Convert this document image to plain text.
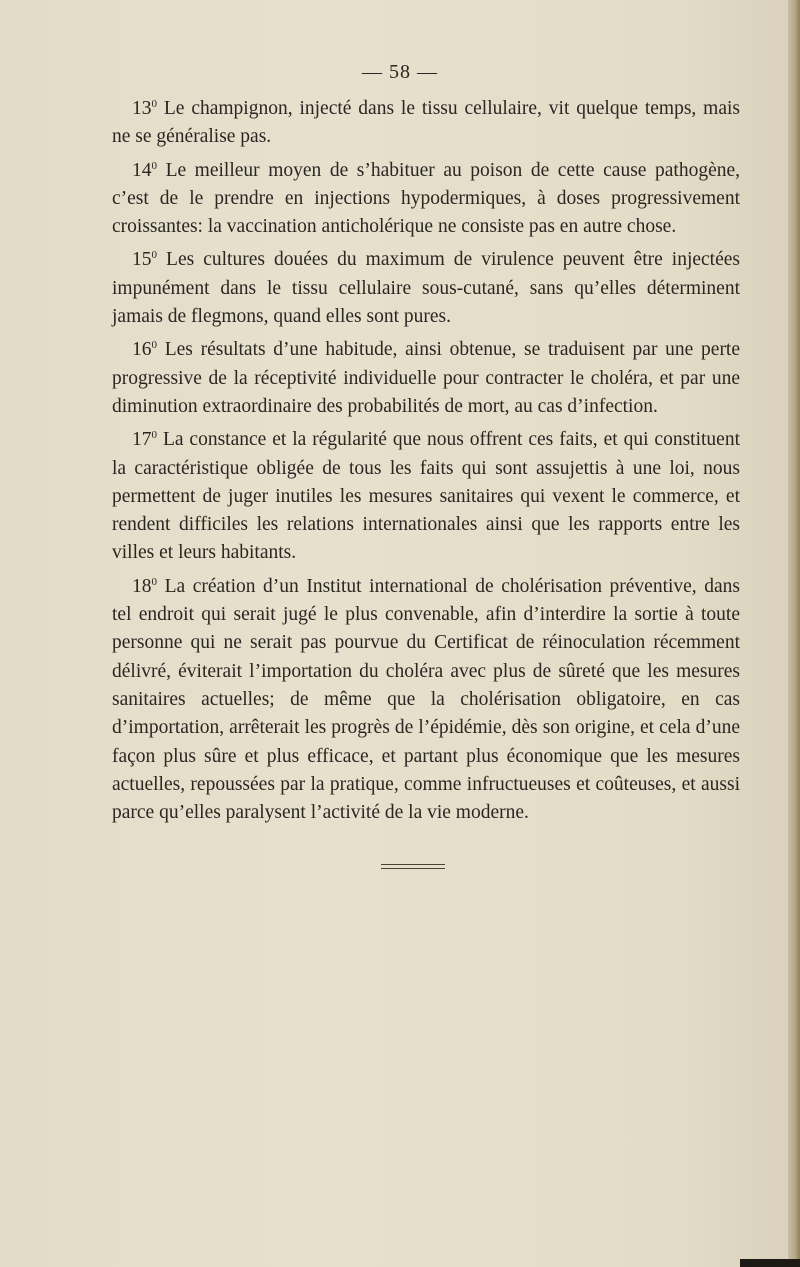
— 58 —

$13^0$ Le champignon, injecté dans le tissu cellulaire, vit quelque temps, mais ne se généralise pas.

$14^0$ Le meilleur moyen de s’habituer au poison de cette cause pathogène, c’est de le prendre en injections hypodermiques, à doses progressivement croissantes: la vaccination anticholérique ne consiste pas en autre chose.

$15^0$ Les cultures douées du maximum de virulence peuvent être injectées impunément dans le tissu cellulaire sous-cutané, sans qu’elles déterminent jamais de flegmons, quand elles sont pures.

$16^0$ Les résultats d’une habitude, ainsi obtenue, se traduisent par une perte progressive de la réceptivité individuelle pour contracter le choléra, et par une diminution extraordinaire des probabilités de mort, au cas d’infection.

$17^0$ La constance et la régularité que nous offrent ces faits, et qui constituent la caractéristique obligée de tous les faits qui sont assujettis à une loi, nous permettent de juger inutiles les mesures sanitaires qui vexent le commerce, et rendent difficiles les relations internationales ainsi que les rapports entre les villes et leurs habitants.

$18^0$ La création d’un Institut international de cholérisation préventive, dans tel endroit qui serait jugé le plus convenable, afin d’interdire la sortie à toute personne qui ne serait pas pourvue du Certificat de réinoculation récemment délivré, éviterait l’importation du choléra avec plus de sûreté que les mesures sanitaires actuelles; de même que la cholérisation obligatoire, en cas d’importation, arrêterait les progrès de l’épidémie, dès son origine, et cela d’une façon plus sûre et plus efficace, et partant plus économique que les mesures actuelles, repoussées par la pratique, comme infructueuses et coûteuses, et aussi parce qu’elles paralysent l’activité de la vie moderne.
